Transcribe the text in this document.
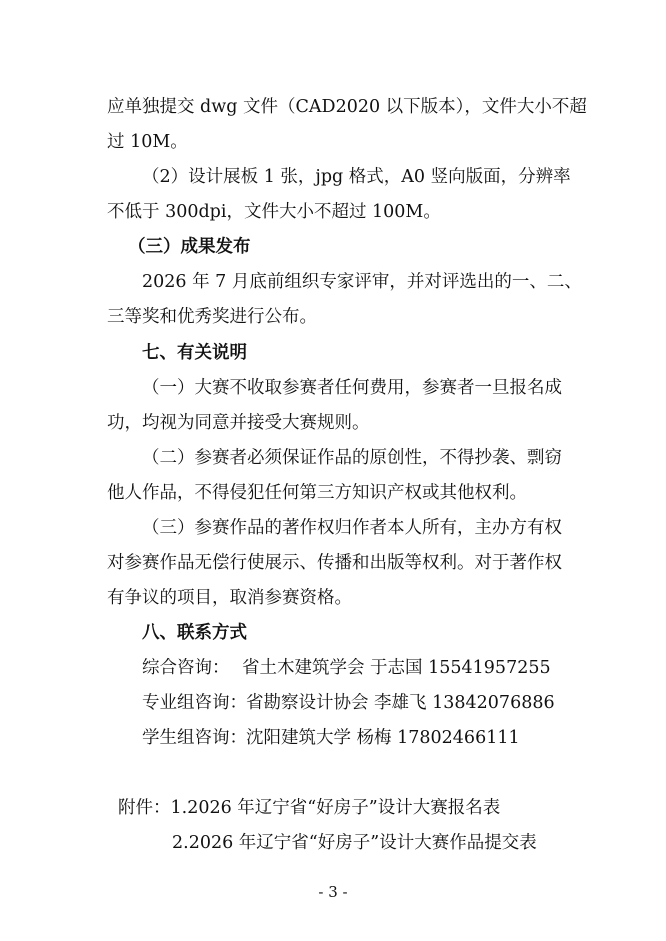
应单独提交 dwg 文件（CAD2020 以下版本），文件大小不超
过 10M。
（2）设计展板 1 张，jpg 格式，A0 竖向版面，分辨率
不低于 300dpi，文件大小不超过 100M。
（三）成果发布
2026 年 7 月底前组织专家评审，并对评选出的一、二、
三等奖和优秀奖进行公布。
七、有关说明
（一）大赛不收取参赛者任何费用，参赛者一旦报名成
功，均视为同意并接受大赛规则。
（二）参赛者必须保证作品的原创性，不得抄袭、剽窃
他人作品，不得侵犯任何第三方知识产权或其他权利。
（三）参赛作品的著作权归作者本人所有，主办方有权
对参赛作品无偿行使展示、传播和出版等权利。对于著作权
有争议的项目，取消参赛资格。
八、联系方式
综合咨询： 省土木建筑学会 于志国 15541957255
专业组咨询：省勘察设计协会 李雄飞 13842076886
学生组咨询：沈阳建筑大学 杨梅 17802466111
附件：1.2026 年辽宁省“好房子”设计大赛报名表
2.2026 年辽宁省“好房子”设计大赛作品提交表
- 3 -
